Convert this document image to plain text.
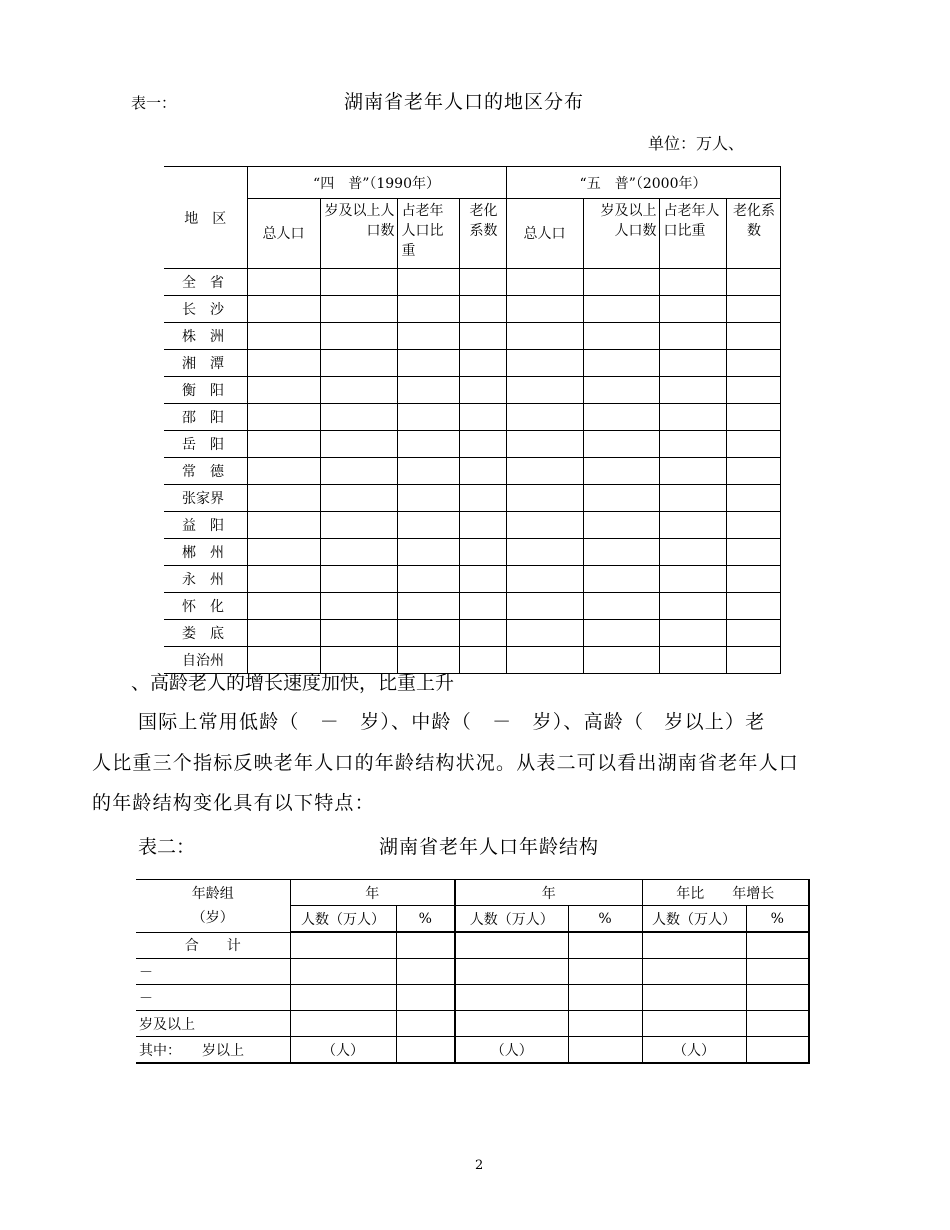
表一：	湖南省老年人口的地区分布
单位：万人、
地　区	“四　普”（1990年）				“五　普”（2000年）			
	总人口	岁及以上人口数	占老年人口比重	老化系数	总人口	岁及以上人口数	占老年人口比重	老化系数
全　省								
长　沙								
株　洲								
湘　潭								
衡　阳								
邵　阳								
岳　阳								
常　德								
张家界								
益　阳								
郴　州								
永　州								
怀　化								
娄　底								
自治州								
、高龄老人的增长速度加快，比重上升
国际上常用低龄（　－　岁）、中龄（　－　岁）、高龄（　岁以上）老
人比重三个指标反映老年人口的年龄结构状况。从表二可以看出湖南省老年人口
的年龄结构变化具有以下特点：
表二：	湖南省老年人口年龄结构
年龄组
（岁）	年		年		年比　　年增长	
	人数（万人）	%	人数（万人）	%	人数（万人）	%
合　　计						
－						
－						
岁及以上						
其中：　　岁以上	（人）		（人）		（人）	
2
